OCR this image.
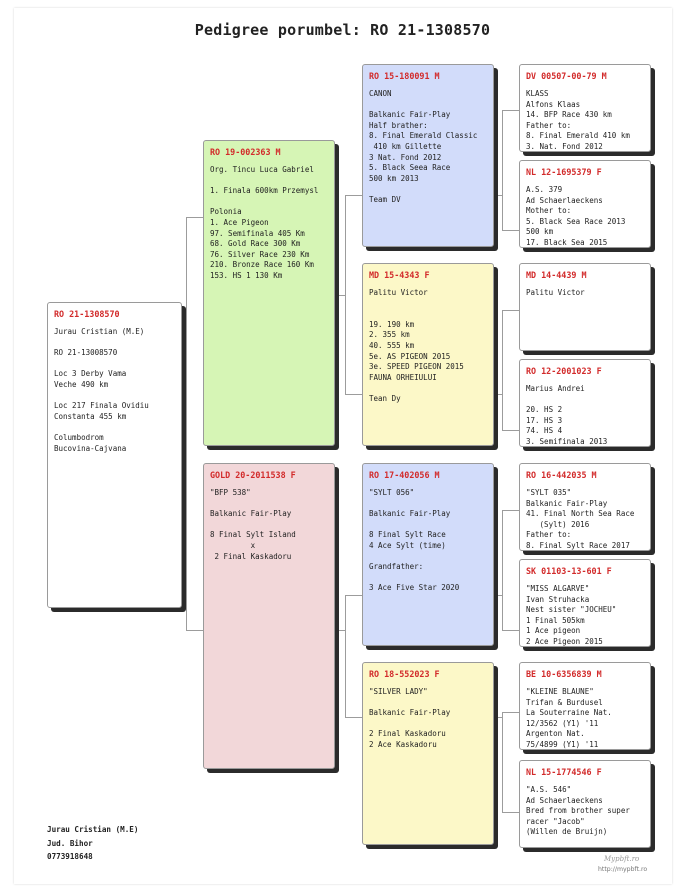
Pedigree porumbel: RO 21-1308570
RO 21-1308570
Jurau Cristian (M.E)

RO 21-13008570

Loc 3 Derby Vama
Veche 490 km

Loc 217 Finala Ovidiu
Constanta 455 km

Columbodrom
Bucovina-Cajvana
RO 19-002363 M
Org. Tincu Luca Gabriel

1. Finala 600km Przemysl

Polonia
1. Ace Pigeon
97. Semifinala 405 Km
68. Gold Race 300 Km
76. Silver Race 230 Km
210. Bronze Race 160 Km
153. HS 1 130 Km
GOLD 20-2011538 F
"BFP 538"

Balkanic Fair-Play

8 Final Sylt Island
x
2 Final Kaskadoru
RO 15-180091 M
CANON

Balkanic Fair-Play
Half brather:
8. Final Emerald Classic
410 km Gillette
3 Nat. Fond 2012
5. Black Seea Race
500 km 2013

Team DV
MD 15-4343 F
Palitu Victor

19. 190 km
2. 355 km
40. 555 km
5e. AS PIGEON 2015
3e. SPEED PIGEON 2015
FAUNA ORHEIULUI

Tean Dy
RO 17-402056 M
"SYLT 056"

Balkanic Fair-Play

8 Final Sylt Race
4 Ace Sylt (time)

Grandfather:

3 Ace Five Star 2020
RO 18-552023 F
"SILVER LADY"

Balkanic Fair-Play

2 Final Kaskadoru
2 Ace Kaskadoru
DV 00507-00-79 M
KLASS
Alfons Klaas
14. BFP Race 430 km
Father to:
8. Final Emerald 410 km
3. Nat. Fond 2012
NL 12-1695379 F
A.S. 379
Ad Schaerlaeckens
Mother to:
5. Black Sea Race 2013
500 km
17. Black Sea 2015
MD 14-4439 M
Palitu Victor
RO 12-2001023 F
Marius Andrei

20. HS 2
17. HS 3
74. HS 4
3. Semifinala 2013
RO 16-442035 M
"SYLT 035"
Balkanic Fair-Play
41. Final North Sea Race
(Sylt) 2016
Father to:
8. Final Sylt Race 2017
SK 01103-13-601 F
"MISS ALGARVE"
Ivan Struhacka
Nest sister "JOCHEU"
1 Final 505km
1 Ace pigeon
2 Ace Pigeon 2015
BE 10-6356839 M
"KLEINE BLAUNE"
Trifan & Burdusel
La Souterraine Nat.
12/3562 (Y1) '11
Argenton Nat.
75/4899 (Y1) '11
NL 15-1774546 F
"A.S. 546"
Ad Schaerlaeckens
Bred from brother super
racer "Jacob"
(Willen de Bruijn)
Jurau Cristian (M.E)
Jud. Bihor
0773918648	Mypbft.ro
http://mypbft.ro
